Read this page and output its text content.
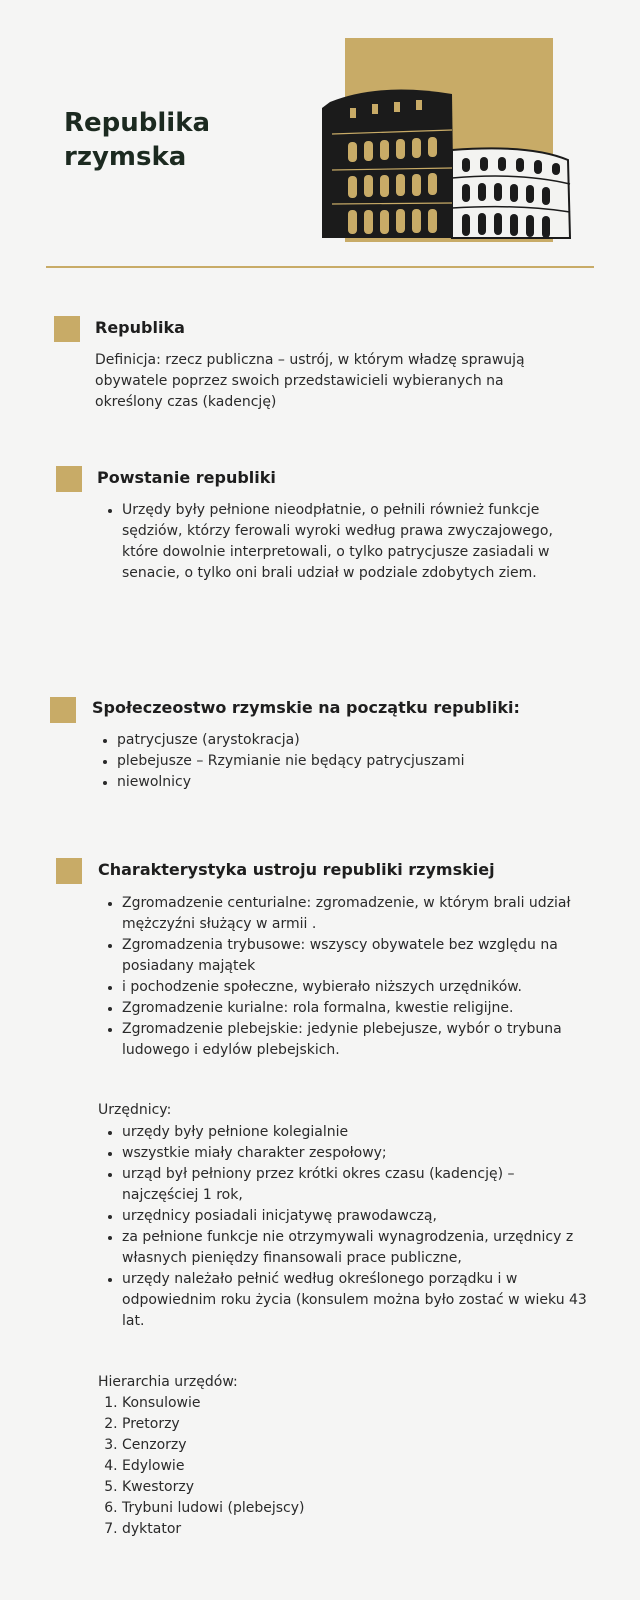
Republika
rzymska
Republika

Definicja: rzecz publiczna – ustrój, w którym władzę sprawują obywatele poprzez swoich przedstawicieli wybieranych na określony czas (kadencję)

Powstanie republiki
• Urzędy były pełnione nieodpłatnie, o pełnili również funkcje sędziów, którzy ferowali wyroki według prawa zwyczajowego, które dowolnie interpretowali, o tylko patrycjusze zasiadali w senacie, o tylko oni brali udział w podziale zdobytych ziem.
Społeczeostwo rzymskie na początku republiki:
• patrycjusze (arystokracja)
• plebejusze – Rzymianie nie będący patrycjuszami
• niewolnicy
Charakterystyka ustroju republiki rzymskiej
• Zgromadzenie centurialne: zgromadzenie, w którym brali udział mężczyźni służący w armii .
• Zgromadzenia trybusowe: wszyscy obywatele bez względu na posiadany majątek
• i pochodzenie społeczne, wybierało niższych urzędników.
• Zgromadzenie kurialne: rola formalna, kwestie religijne.
• Zgromadzenie plebejskie: jedynie plebejusze, wybór o trybuna ludowego i edylów plebejskich.

Urzędnicy:

• urzędy były pełnione kolegialnie
• wszystkie miały charakter zespołowy;
• urząd był pełniony przez krótki okres czasu (kadencję) – najczęściej 1 rok,
• urzędnicy posiadali inicjatywę prawodawczą,
• za pełnione funkcje nie otrzymywali wynagrodzenia, urzędnicy z własnych pieniędzy finansowali prace publiczne,
• urzędy należało pełnić według określonego porządku i w odpowiednim roku życia (konsulem można było zostać w wieku 43 lat.

Hierarchia urzędów:

1. Konsulowie
2. Pretorzy
3. Cenzorzy
4. Edylowie
5. Kwestorzy
6. Trybuni ludowi (plebejscy)
7. dyktator
